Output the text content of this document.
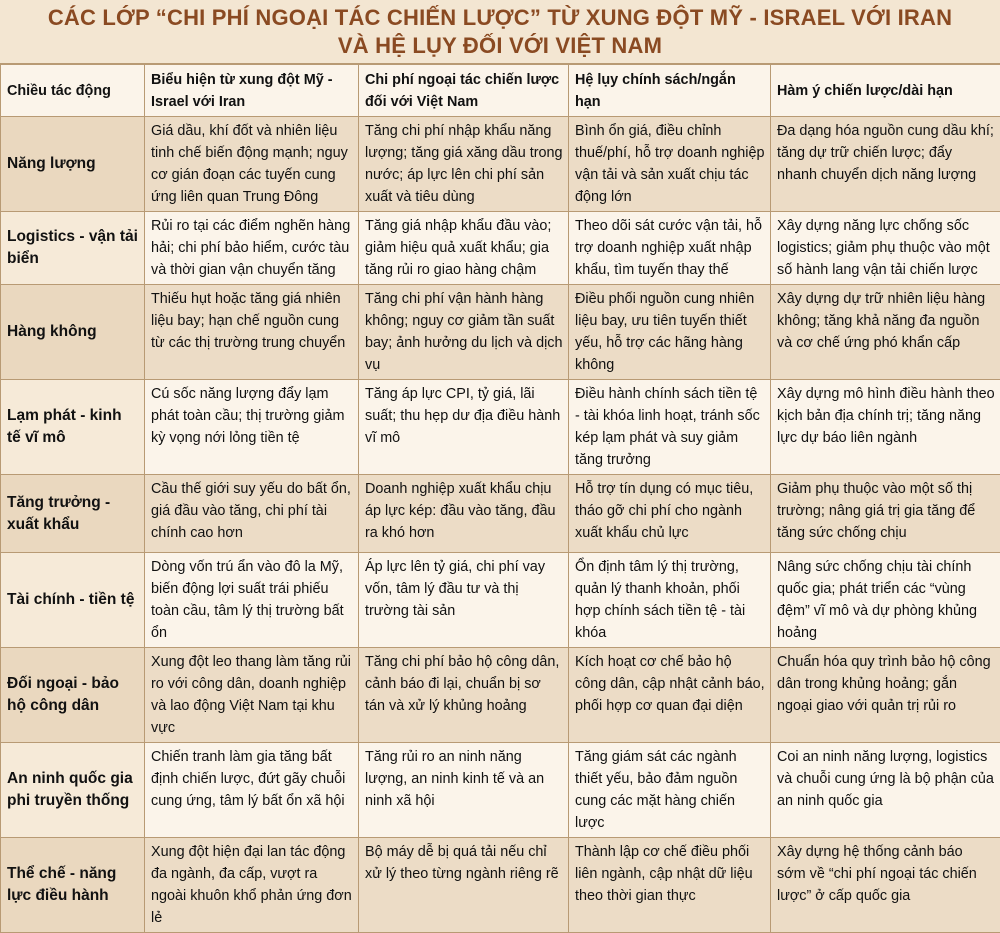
CÁC LỚP “CHI PHÍ NGOẠI TÁC CHIẾN LƯỢC” TỪ XUNG ĐỘT MỸ - ISRAEL VỚI IRAN
VÀ HỆ LỤY ĐỐI VỚI VIỆT NAM
Chiều tác động	Biểu hiện từ xung đột Mỹ - Israel với Iran	Chi phí ngoại tác chiến lược đối với Việt Nam	Hệ lụy chính sách/ngắn hạn	Hàm ý chiến lược/dài hạn
Năng lượng	Giá dầu, khí đốt và nhiên liệu tinh chế biến động mạnh; nguy cơ gián đoạn các tuyến cung ứng liên quan Trung Đông	Tăng chi phí nhập khẩu năng lượng; tăng giá xăng dầu trong nước; áp lực lên chi phí sản xuất và tiêu dùng	Bình ổn giá, điều chỉnh thuế/phí, hỗ trợ doanh nghiệp vận tải và sản xuất chịu tác động lớn	Đa dạng hóa nguồn cung dầu khí; tăng dự trữ chiến lược; đẩy nhanh chuyển dịch năng lượng
Logistics - vận tải biển	Rủi ro tại các điểm nghẽn hàng hải; chi phí bảo hiểm, cước tàu và thời gian vận chuyển tăng	Tăng giá nhập khẩu đầu vào; giảm hiệu quả xuất khẩu; gia tăng rủi ro giao hàng chậm	Theo dõi sát cước vận tải, hỗ trợ doanh nghiệp xuất nhập khẩu, tìm tuyến thay thế	Xây dựng năng lực chống sốc logistics; giảm phụ thuộc vào một số hành lang vận tải chiến lược
Hàng không	Thiếu hụt hoặc tăng giá nhiên liệu bay; hạn chế nguồn cung từ các thị trường trung chuyển	Tăng chi phí vận hành hàng không; nguy cơ giảm tần suất bay; ảnh hưởng du lịch và dịch vụ	Điều phối nguồn cung nhiên liệu bay, ưu tiên tuyến thiết yếu, hỗ trợ các hãng hàng không	Xây dựng dự trữ nhiên liệu hàng không; tăng khả năng đa nguồn và cơ chế ứng phó khẩn cấp
Lạm phát - kinh tế vĩ mô	Cú sốc năng lượng đẩy lạm phát toàn cầu; thị trường giảm kỳ vọng nới lỏng tiền tệ	Tăng áp lực CPI, tỷ giá, lãi suất; thu hẹp dư địa điều hành vĩ mô	Điều hành chính sách tiền tệ - tài khóa linh hoạt, tránh sốc kép lạm phát và suy giảm tăng trưởng	Xây dựng mô hình điều hành theo kịch bản địa chính trị; tăng năng lực dự báo liên ngành
Tăng trưởng - xuất khẩu	Cầu thế giới suy yếu do bất ổn, giá đầu vào tăng, chi phí tài chính cao hơn	Doanh nghiệp xuất khẩu chịu áp lực kép: đầu vào tăng, đầu ra khó hơn	Hỗ trợ tín dụng có mục tiêu, tháo gỡ chi phí cho ngành xuất khẩu chủ lực	Giảm phụ thuộc vào một số thị trường; nâng giá trị gia tăng để tăng sức chống chịu
Tài chính - tiền tệ	Dòng vốn trú ẩn vào đô la Mỹ, biến động lợi suất trái phiếu toàn cầu, tâm lý thị trường bất ổn	Áp lực lên tỷ giá, chi phí vay vốn, tâm lý đầu tư và thị trường tài sản	Ổn định tâm lý thị trường, quản lý thanh khoản, phối hợp chính sách tiền tệ - tài khóa	Nâng sức chống chịu tài chính quốc gia; phát triển các “vùng đệm” vĩ mô và dự phòng khủng hoảng
Đối ngoại - bảo hộ công dân	Xung đột leo thang làm tăng rủi ro với công dân, doanh nghiệp và lao động Việt Nam tại khu vực	Tăng chi phí bảo hộ công dân, cảnh báo đi lại, chuẩn bị sơ tán và xử lý khủng hoảng	Kích hoạt cơ chế bảo hộ công dân, cập nhật cảnh báo, phối hợp cơ quan đại diện	Chuẩn hóa quy trình bảo hộ công dân trong khủng hoảng; gắn ngoại giao với quản trị rủi ro
An ninh quốc gia phi truyền thống	Chiến tranh làm gia tăng bất định chiến lược, đứt gãy chuỗi cung ứng, tâm lý bất ổn xã hội	Tăng rủi ro an ninh năng lượng, an ninh kinh tế và an ninh xã hội	Tăng giám sát các ngành thiết yếu, bảo đảm nguồn cung các mặt hàng chiến lược	Coi an ninh năng lượng, logistics và chuỗi cung ứng là bộ phận của an ninh quốc gia
Thể chế - năng lực điều hành	Xung đột hiện đại lan tác động đa ngành, đa cấp, vượt ra ngoài khuôn khổ phản ứng đơn lẻ	Bộ máy dễ bị quá tải nếu chỉ xử lý theo từng ngành riêng rẽ	Thành lập cơ chế điều phối liên ngành, cập nhật dữ liệu theo thời gian thực	Xây dựng hệ thống cảnh báo sớm về “chi phí ngoại tác chiến lược” ở cấp quốc gia
